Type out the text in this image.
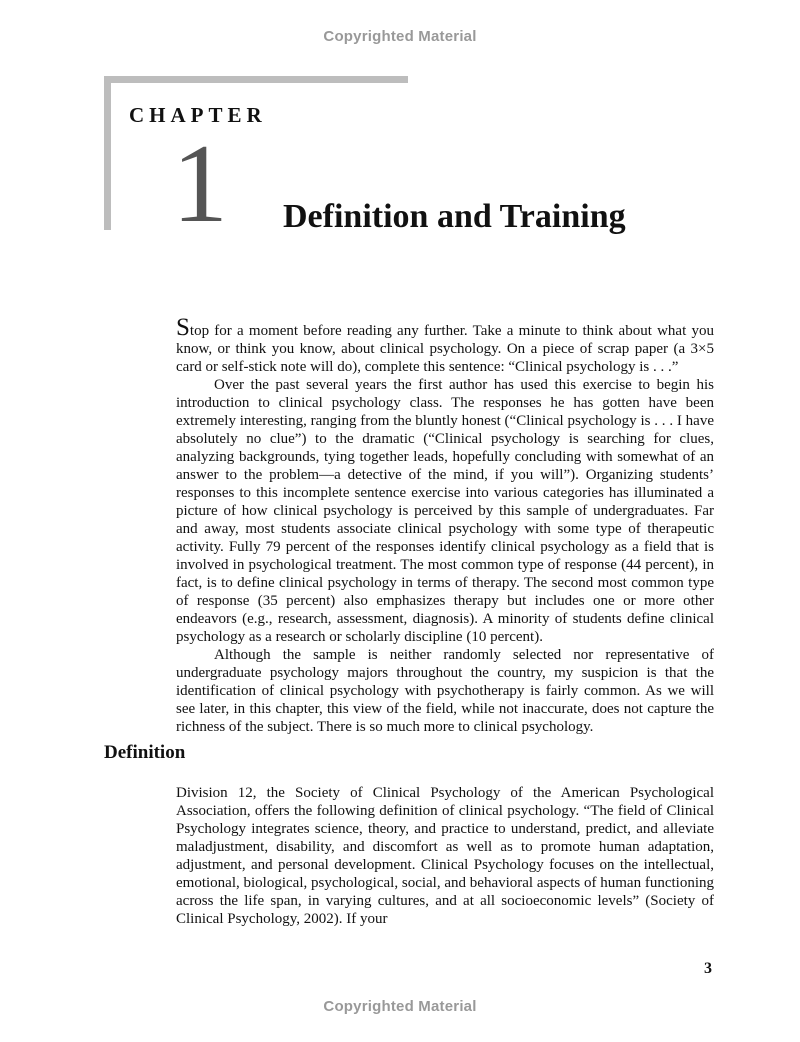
Copyrighted Material
CHAPTER
1 Definition and Training

Stop for a moment before reading any further. Take a minute to think about what you know, or think you know, about clinical psychology. On a piece of scrap paper (a 3×5 card or self-stick note will do), complete this sentence: “Clinical psychology is . . .”

Over the past several years the first author has used this exercise to begin his introduction to clinical psychology class. The responses he has gotten have been extremely interesting, ranging from the bluntly honest (“Clinical psychology is . . . I have absolutely no clue”) to the dramatic (“Clinical psychology is searching for clues, analyzing backgrounds, tying together leads, hopefully concluding with somewhat of an answer to the problem—a detective of the mind, if you will”). Organizing students’ responses to this incomplete sentence exercise into various categories has illuminated a picture of how clinical psychology is perceived by this sample of undergraduates. Far and away, most students associate clinical psychology with some type of therapeutic activity. Fully 79 percent of the responses identify clinical psychology as a field that is involved in psychological treatment. The most common type of response (44 percent), in fact, is to define clinical psychology in terms of therapy. The second most common type of response (35 percent) also emphasizes therapy but includes one or more other endeavors (e.g., research, assessment, diagnosis). A minority of students define clinical psychology as a research or scholarly discipline (10 percent).

Although the sample is neither randomly selected nor representative of undergraduate psychology majors throughout the country, my suspicion is that the identification of clinical psychology with psychotherapy is fairly common. As we will see later, in this chapter, this view of the field, while not inaccurate, does not capture the richness of the subject. There is so much more to clinical psychology.

Definition

Division 12, the Society of Clinical Psychology of the American Psychological Association, offers the following definition of clinical psychology. “The field of Clinical Psychology integrates science, theory, and practice to understand, predict, and alleviate maladjustment, disability, and discomfort as well as to promote human adaptation, adjustment, and personal development. Clinical Psychology focuses on the intellectual, emotional, biological, psychological, social, and behavioral aspects of human functioning across the life span, in varying cultures, and at all socioeconomic levels” (Society of Clinical Psychology, 2002). If your

3
Copyrighted Material
